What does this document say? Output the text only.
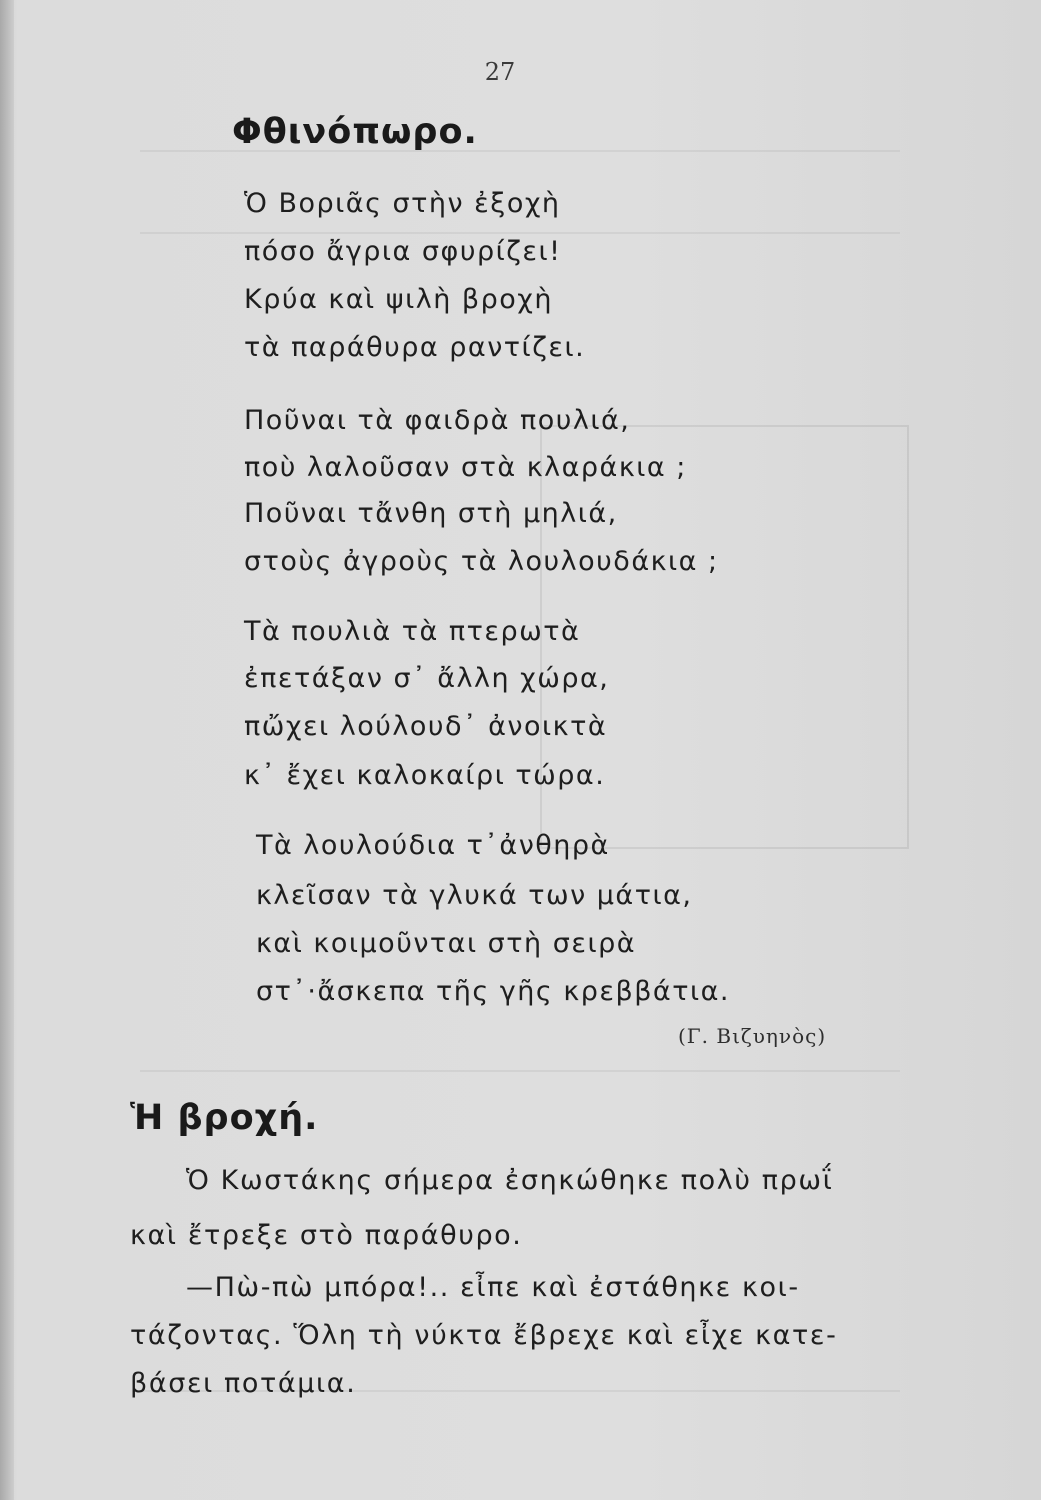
27
Φθινόπωρο.
Ὁ Βοριᾶς στὴν ἐξοχὴ
πόσο ἄγρια σφυρίζει!
Κρύα καὶ ψιλὴ βροχὴ
τὰ παράθυρα ραντίζει.
Ποῦναι τὰ φαιδρὰ πουλιά,
ποὺ λαλοῦσαν στὰ κλαράκια ;
Ποῦναι τἄνθη στὴ μηλιά,
στοὺς ἀγροὺς τὰ λουλουδάκια ;
Τὰ πουλιὰ τὰ πτερωτὰ
ἐπετάξαν σ᾿ ἄλλη χώρα,
πὤχει λούλουδ᾿ ἀνοικτὰ
κ᾿ ἔχει καλοκαίρι τώρα.
Τὰ λουλούδια τ᾿ἀνθηρὰ
κλεῖσαν τὰ γλυκά των μάτια,
καὶ κοιμοῦνται στὴ σειρὰ
στ᾿·ἄσκεπα τῆς γῆς κρεββάτια.
(Γ. Βιζυηνὸς)
Ἡ βροχή.
Ὁ Κωστάκης σήμερα ἐσηκώθηκε πολὺ πρωΐ
καὶ ἔτρεξε στὸ παράθυρο.
—Πὼ-πὼ μπόρα!.. εἶπε καὶ ἐστάθηκε κοι-
τάζοντας. Ὅλη τὴ νύκτα ἔβρεχε καὶ εἶχε κατε-
βάσει ποτάμια.
